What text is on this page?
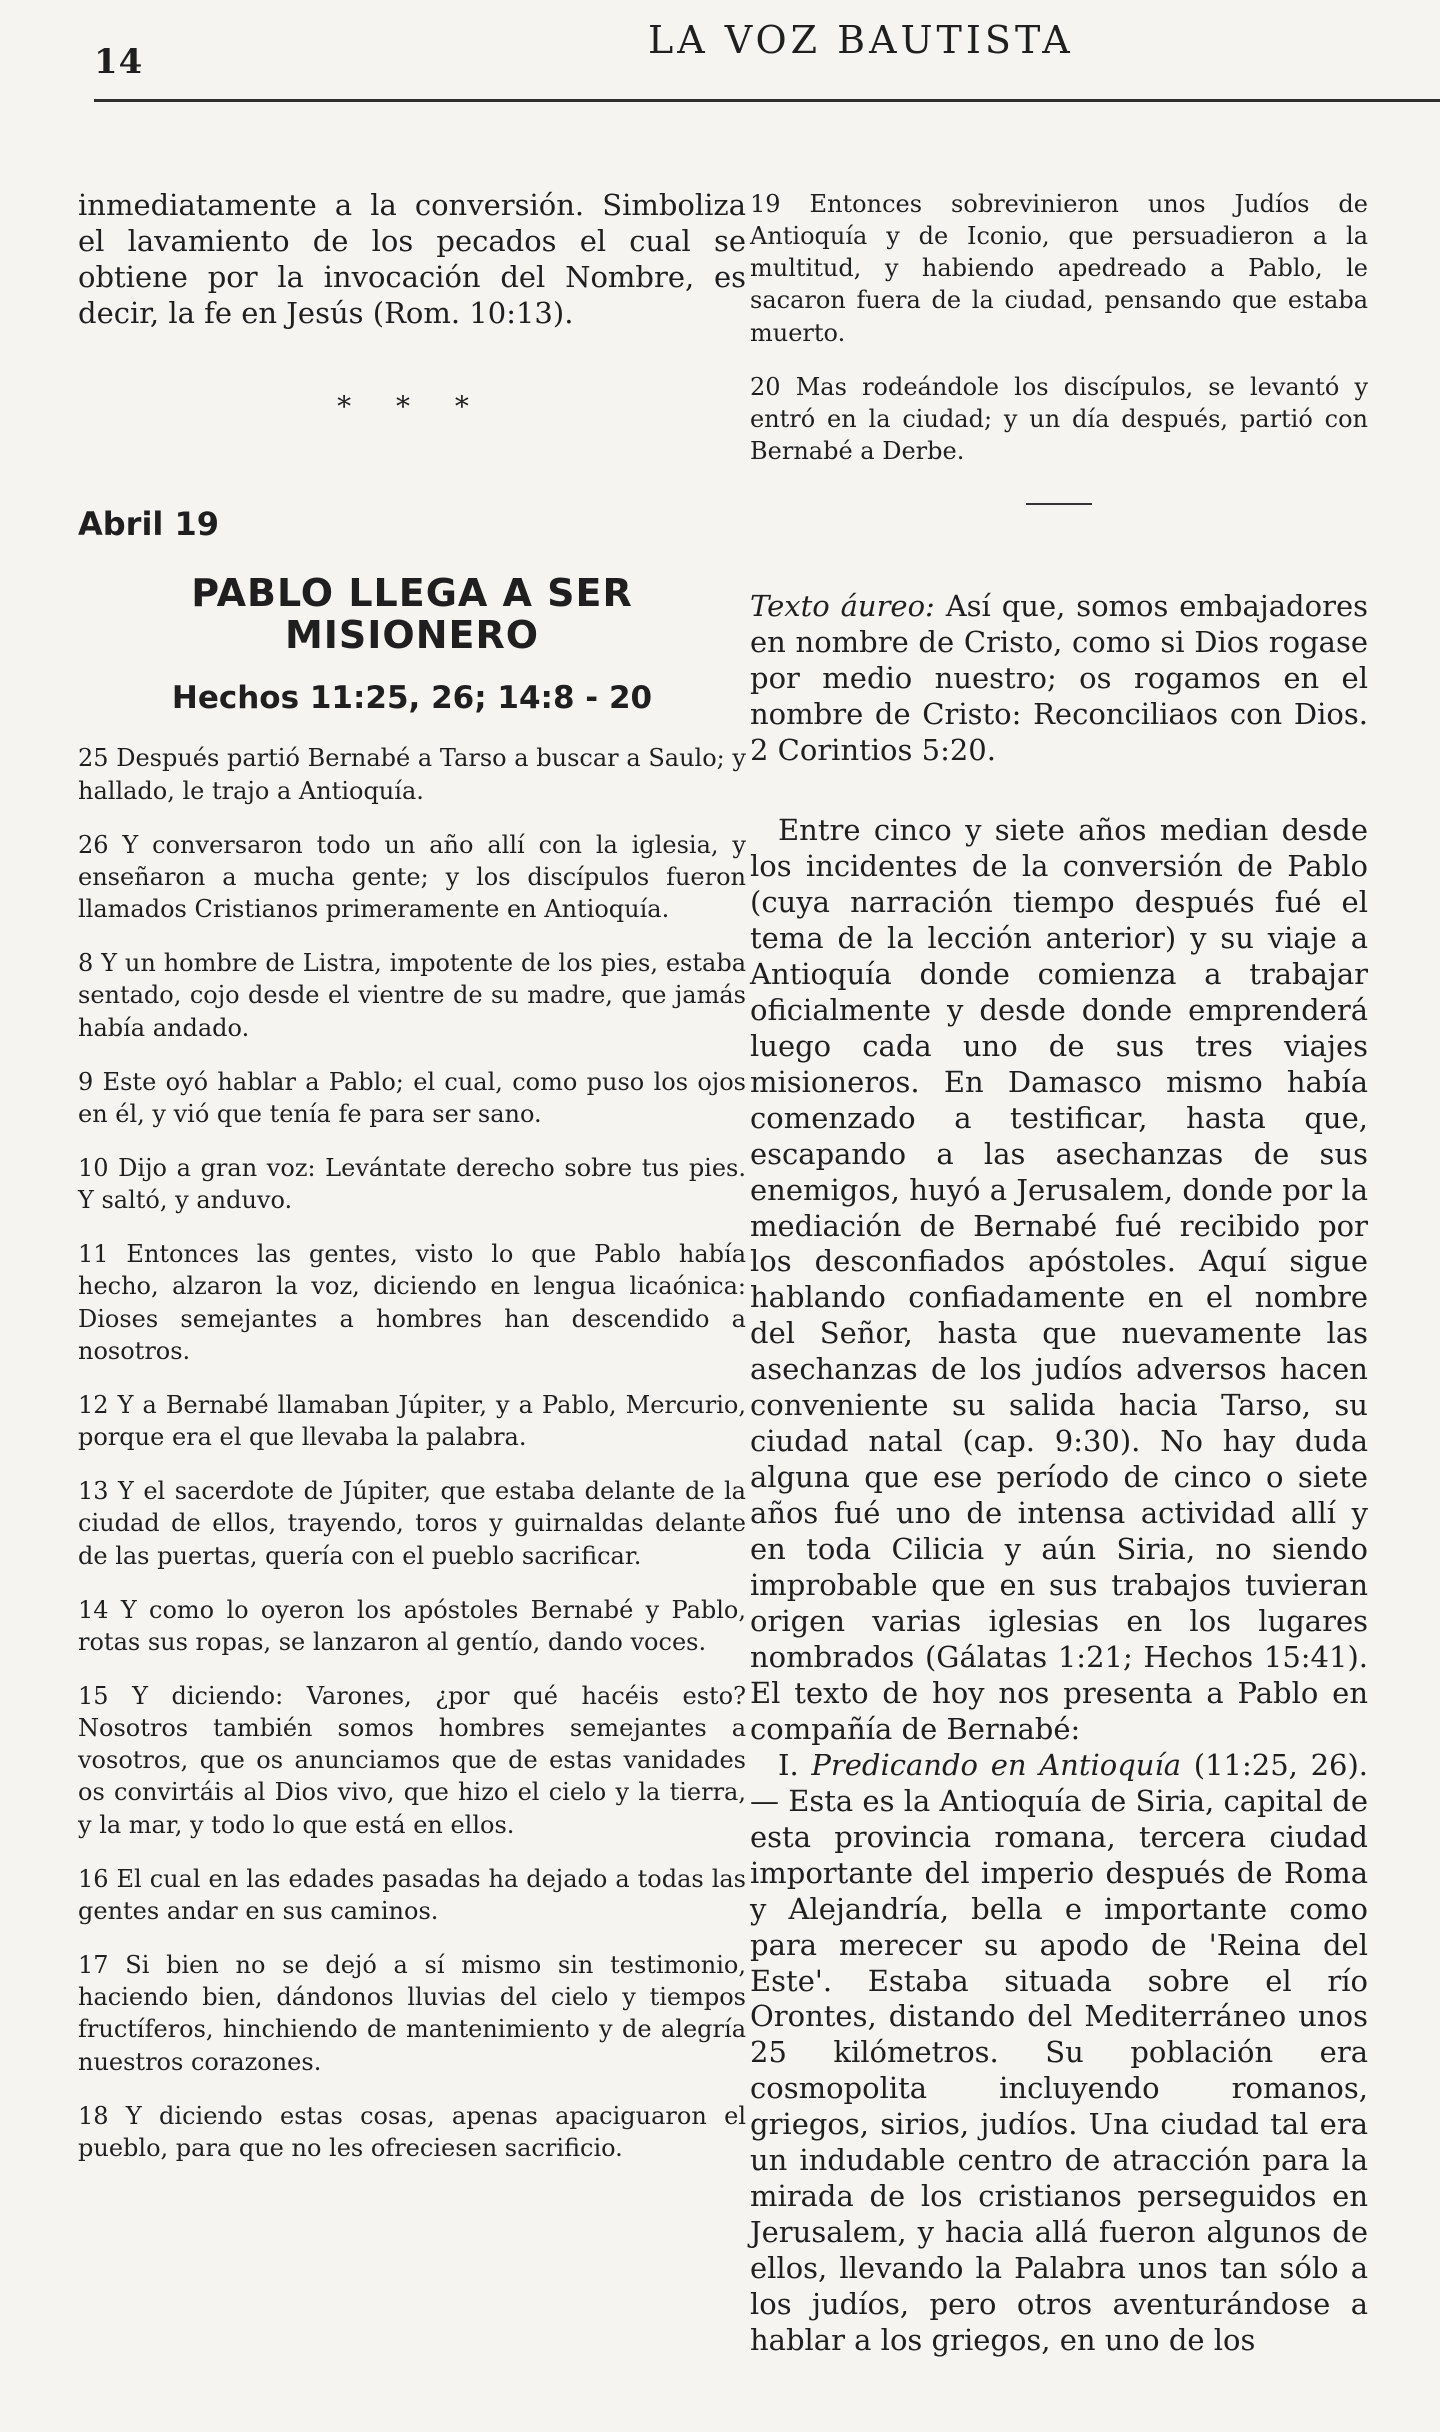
14	LA VOZ BAUTISTA

inmediatamente a la conversión. Simboliza el lavamiento de los pecados el cual se obtiene por la invocación del Nombre, es decir, la fe en Jesús (Rom. 10:13).

* * *
Abril 19
PABLO LLEGA A SER MISIONERO
Hechos 11:25, 26; 14:8 - 20

25 Después partió Bernabé a Tarso a buscar a Saulo; y hallado, le trajo a Antioquía.

26 Y conversaron todo un año allí con la iglesia, y enseñaron a mucha gente; y los discípulos fueron llamados Cristianos primeramente en Antioquía.

8 Y un hombre de Listra, impotente de los pies, estaba sentado, cojo desde el vientre de su madre, que jamás había andado.

9 Este oyó hablar a Pablo; el cual, como puso los ojos en él, y vió que tenía fe para ser sano.

10 Dijo a gran voz: Levántate derecho sobre tus pies. Y saltó, y anduvo.

11 Entonces las gentes, visto lo que Pablo había hecho, alzaron la voz, diciendo en lengua licaónica: Dioses semejantes a hombres han descendido a nosotros.

12 Y a Bernabé llamaban Júpiter, y a Pablo, Mercurio, porque era el que llevaba la palabra.

13 Y el sacerdote de Júpiter, que estaba delante de la ciudad de ellos, trayendo, toros y guirnaldas delante de las puertas, quería con el pueblo sacrificar.

14 Y como lo oyeron los apóstoles Bernabé y Pablo, rotas sus ropas, se lanzaron al gentío, dando voces.

15 Y diciendo: Varones, ¿por qué hacéis esto? Nosotros también somos hombres semejantes a vosotros, que os anunciamos que de estas vanidades os convirtáis al Dios vivo, que hizo el cielo y la tierra, y la mar, y todo lo que está en ellos.

16 El cual en las edades pasadas ha dejado a todas las gentes andar en sus caminos.

17 Si bien no se dejó a sí mismo sin testimonio, haciendo bien, dándonos lluvias del cielo y tiempos fructíferos, hinchiendo de mantenimiento y de alegría nuestros corazones.

18 Y diciendo estas cosas, apenas apaciguaron el pueblo, para que no les ofreciesen sacrificio.

19 Entonces sobrevinieron unos Judíos de Antioquía y de Iconio, que persuadieron a la multitud, y habiendo apedreado a Pablo, le sacaron fuera de la ciudad, pensando que estaba muerto.

20 Mas rodeándole los discípulos, se levantó y entró en la ciudad; y un día después, partió con Bernabé a Derbe.

Texto áureo: Así que, somos embajadores en nombre de Cristo, como si Dios rogase por medio nuestro; os rogamos en el nombre de Cristo: Reconciliaos con Dios. 2 Corintios 5:20.

Entre cinco y siete años median desde los incidentes de la conversión de Pablo (cuya narración tiempo después fué el tema de la lección anterior) y su viaje a Antioquía donde comienza a trabajar oficialmente y desde donde emprenderá luego cada uno de sus tres viajes misioneros. En Damasco mismo había comenzado a testificar, hasta que, escapando a las asechanzas de sus enemigos, huyó a Jerusalem, donde por la mediación de Bernabé fué recibido por los desconfiados apóstoles. Aquí sigue hablando confiadamente en el nombre del Señor, hasta que nuevamente las asechanzas de los judíos adversos hacen conveniente su salida hacia Tarso, su ciudad natal (cap. 9:30). No hay duda alguna que ese período de cinco o siete años fué uno de intensa actividad allí y en toda Cilicia y aún Siria, no siendo improbable que en sus trabajos tuvieran origen varias iglesias en los lugares nombrados (Gálatas 1:21; Hechos 15:41). El texto de hoy nos presenta a Pablo en compañía de Bernabé:

I. Predicando en Antioquía (11:25, 26). — Esta es la Antioquía de Siria, capital de esta provincia romana, tercera ciudad importante del imperio después de Roma y Alejandría, bella e importante como para merecer su apodo de 'Reina del Este'. Estaba situada sobre el río Orontes, distando del Mediterráneo unos 25 kilómetros. Su población era cosmopolita incluyendo romanos, griegos, sirios, judíos. Una ciudad tal era un indudable centro de atracción para la mirada de los cristianos perseguidos en Jerusalem, y hacia allá fueron algunos de ellos, llevando la Palabra unos tan sólo a los judíos, pero otros aventurándose a hablar a los griegos, en uno de los
